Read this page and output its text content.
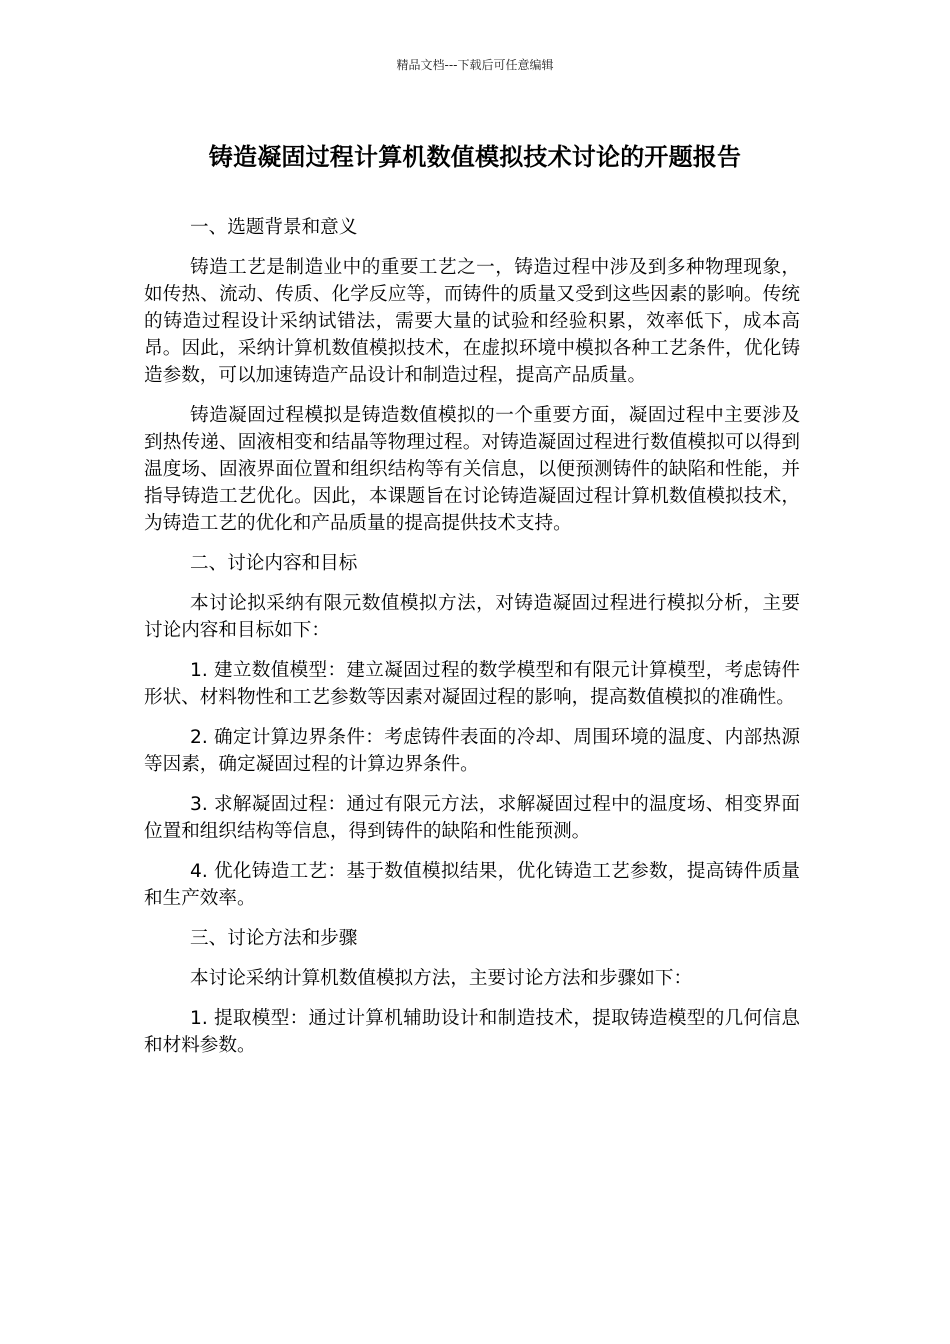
精品文档---下载后可任意编辑
铸造凝固过程计算机数值模拟技术讨论的开题报告

一、选题背景和意义

铸造工艺是制造业中的重要工艺之一，铸造过程中涉及到多种物理现象，如传热、流动、传质、化学反应等，而铸件的质量又受到这些因素的影响。传统的铸造过程设计采纳试错法，需要大量的试验和经验积累，效率低下，成本高昂。因此，采纳计算机数值模拟技术，在虚拟环境中模拟各种工艺条件，优化铸造参数，可以加速铸造产品设计和制造过程，提高产品质量。

铸造凝固过程模拟是铸造数值模拟的一个重要方面，凝固过程中主要涉及到热传递、固液相变和结晶等物理过程。对铸造凝固过程进行数值模拟可以得到温度场、固液界面位置和组织结构等有关信息，以便预测铸件的缺陷和性能，并指导铸造工艺优化。因此，本课题旨在讨论铸造凝固过程计算机数值模拟技术，为铸造工艺的优化和产品质量的提高提供技术支持。

二、讨论内容和目标

本讨论拟采纳有限元数值模拟方法，对铸造凝固过程进行模拟分析，主要讨论内容和目标如下：

1. 建立数值模型：建立凝固过程的数学模型和有限元计算模型，考虑铸件形状、材料物性和工艺参数等因素对凝固过程的影响，提高数值模拟的准确性。

2. 确定计算边界条件：考虑铸件表面的冷却、周围环境的温度、内部热源等因素，确定凝固过程的计算边界条件。

3. 求解凝固过程：通过有限元方法，求解凝固过程中的温度场、相变界面位置和组织结构等信息，得到铸件的缺陷和性能预测。

4. 优化铸造工艺：基于数值模拟结果，优化铸造工艺参数，提高铸件质量和生产效率。

三、讨论方法和步骤

本讨论采纳计算机数值模拟方法，主要讨论方法和步骤如下：

1. 提取模型：通过计算机辅助设计和制造技术，提取铸造模型的几何信息和材料参数。
